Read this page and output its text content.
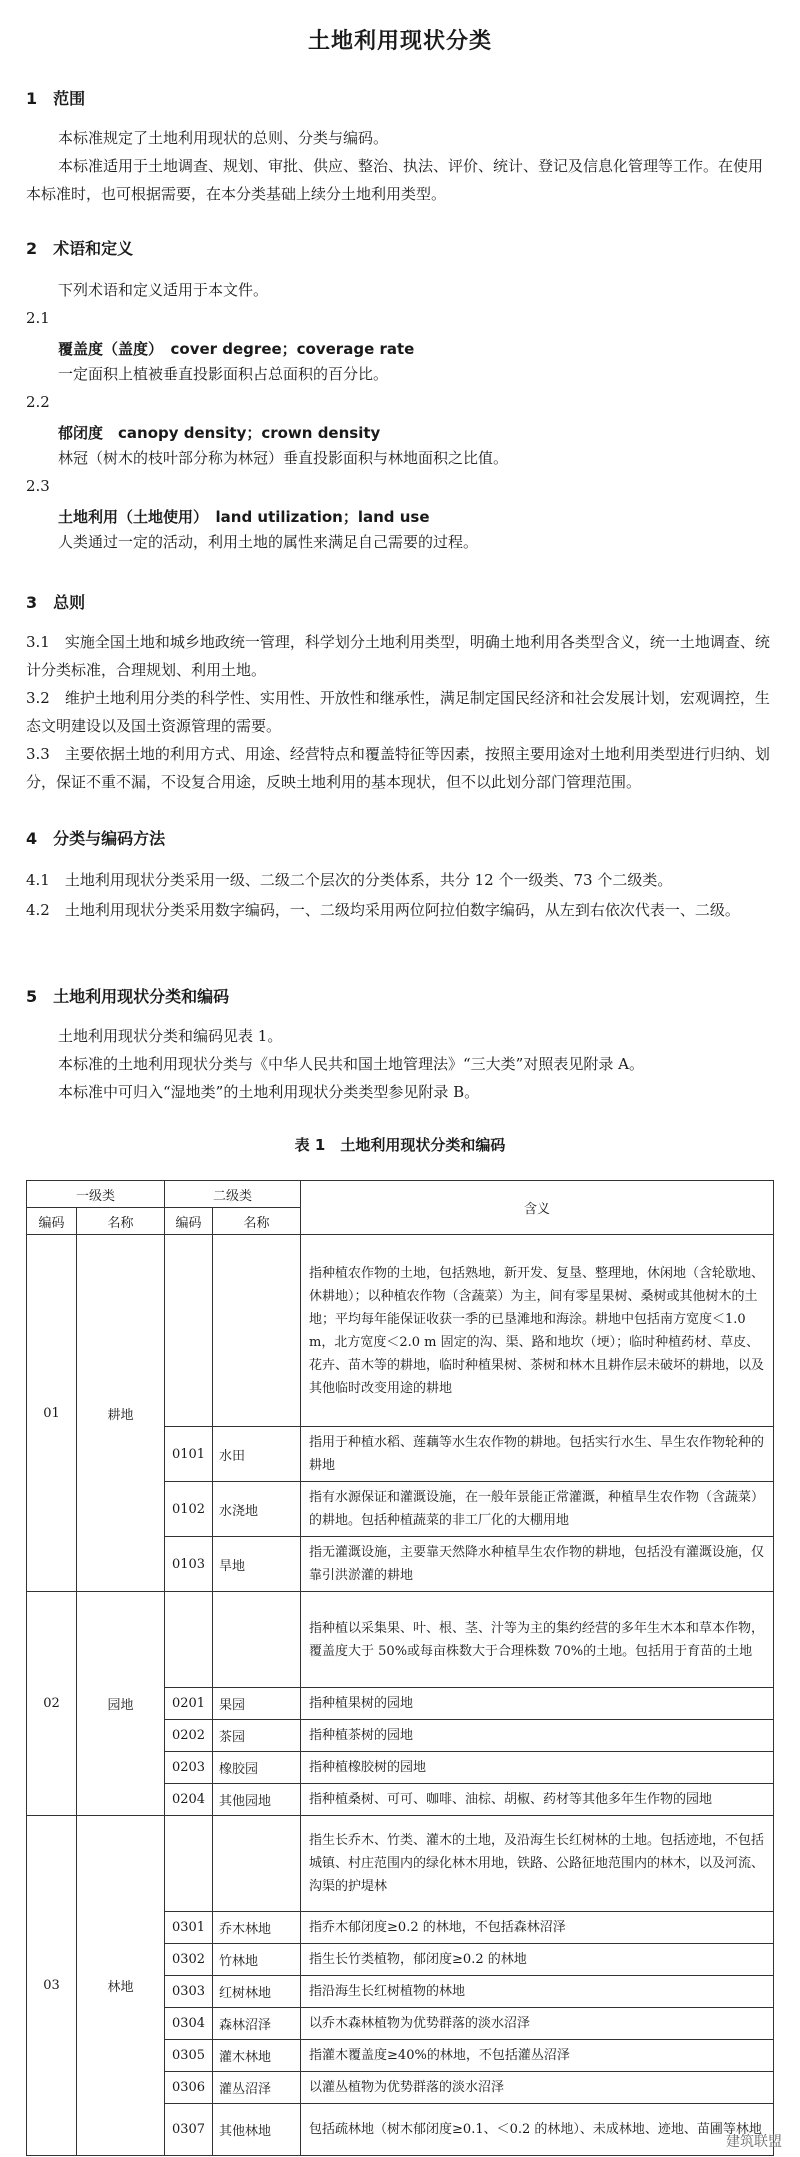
土地利用现状分类

1　范围

本标准规定了土地利用现状的总则、分类与编码。

本标准适用于土地调查、规划、审批、供应、整治、执法、评价、统计、登记及信息化管理等工作。在使用本标准时，也可根据需要，在本分类基础上续分土地利用类型。

2　术语和定义

下列术语和定义适用于本文件。

2.1

覆盖度（盖度）　cover degree；coverage rate

一定面积上植被垂直投影面积占总面积的百分比。

2.2

郁闭度　canopy density；crown density

林冠（树木的枝叶部分称为林冠）垂直投影面积与林地面积之比值。

2.3

土地利用（土地使用）　land utilization；land use

人类通过一定的活动，利用土地的属性来满足自己需要的过程。

3　总则

3.1　实施全国土地和城乡地政统一管理，科学划分土地利用类型，明确土地利用各类型含义，统一土地调查、统计分类标准，合理规划、利用土地。

3.2　维护土地利用分类的科学性、实用性、开放性和继承性，满足制定国民经济和社会发展计划，宏观调控，生态文明建设以及国土资源管理的需要。

3.3　主要依据土地的利用方式、用途、经营特点和覆盖特征等因素，按照主要用途对土地利用类型进行归纳、划分，保证不重不漏，不设复合用途，反映土地利用的基本现状，但不以此划分部门管理范围。

4　分类与编码方法

4.1　土地利用现状分类采用一级、二级二个层次的分类体系，共分 12 个一级类、73 个二级类。

4.2　土地利用现状分类采用数字编码，一、二级均采用两位阿拉伯数字编码，从左到右依次代表一、二级。

5　土地利用现状分类和编码

土地利用现状分类和编码见表 1。

本标准的土地利用现状分类与《中华人民共和国土地管理法》“三大类”对照表见附录 A。

本标准中可归入“湿地类”的土地利用现状分类类型参见附录 B。

表 1　土地利用现状分类和编码

一级类		二级类		含义
编码	名称	编码	名称	
01	耕地			指种植农作物的土地，包括熟地，新开发、复垦、整理地，休闲地（含轮歇地、休耕地）；以种植农作物（含蔬菜）为主，间有零星果树、桑树或其他树木的土地；平均每年能保证收获一季的已垦滩地和海涂。耕地中包括南方宽度＜1.0 m，北方宽度＜2.0 m 固定的沟、渠、路和地坎（埂）；临时种植药材、草皮、花卉、苗木等的耕地，临时种植果树、茶树和林木且耕作层未破坏的耕地，以及其他临时改变用途的耕地
		0101	水田	指用于种植水稻、莲藕等水生农作物的耕地。包括实行水生、旱生农作物轮种的耕地
		0102	水浇地	指有水源保证和灌溉设施，在一般年景能正常灌溉，种植旱生农作物（含蔬菜）的耕地。包括种植蔬菜的非工厂化的大棚用地
		0103	旱地	指无灌溉设施，主要靠天然降水种植旱生农作物的耕地，包括没有灌溉设施，仅靠引洪淤灌的耕地
02	园地			指种植以采集果、叶、根、茎、汁等为主的集约经营的多年生木本和草本作物，覆盖度大于 50%或每亩株数大于合理株数 70%的土地。包括用于育苗的土地
		0201	果园	指种植果树的园地
		0202	茶园	指种植茶树的园地
		0203	橡胶园	指种植橡胶树的园地
		0204	其他园地	指种植桑树、可可、咖啡、油棕、胡椒、药材等其他多年生作物的园地
03	林地			指生长乔木、竹类、灌木的土地，及沿海生长红树林的土地。包括迹地，不包括城镇、村庄范围内的绿化林木用地，铁路、公路征地范围内的林木，以及河流、沟渠的护堤林
		0301	乔木林地	指乔木郁闭度≥0.2 的林地，不包括森林沼泽
		0302	竹林地	指生长竹类植物，郁闭度≥0.2 的林地
		0303	红树林地	指沿海生长红树植物的林地
		0304	森林沼泽	以乔木森林植物为优势群落的淡水沼泽
		0305	灌木林地	指灌木覆盖度≥40%的林地，不包括灌丛沼泽
		0306	灌丛沼泽	以灌丛植物为优势群落的淡水沼泽
		0307	其他林地	包括疏林地（树木郁闭度≥0.1、＜0.2 的林地）、未成林地、迹地、苗圃等林地
建筑联盟
